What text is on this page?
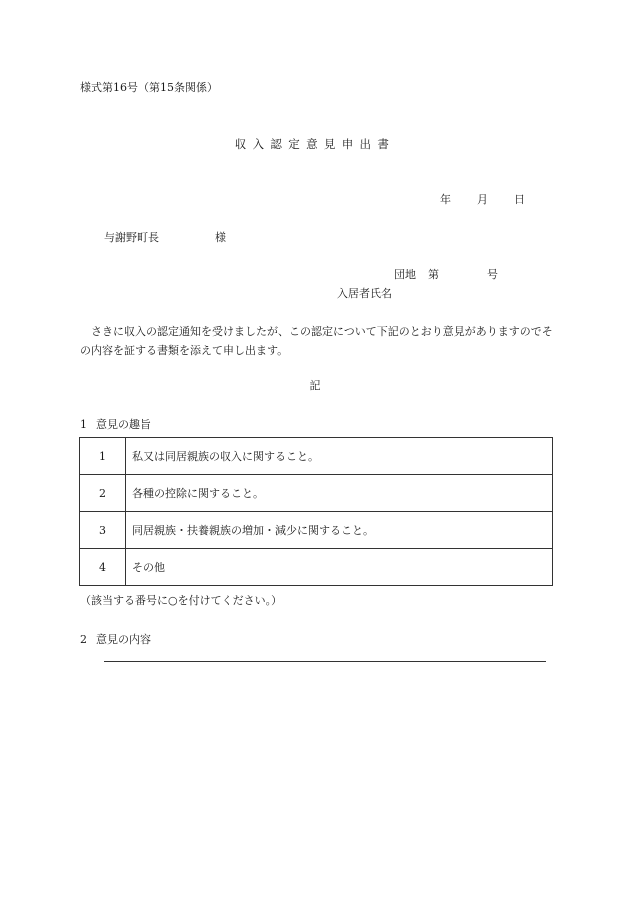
様式第16号（第15条関係）
収入認定意見申出書
年 月 日
与謝野町長	様
団地 第	号
入居者氏名
さきに収入の認定通知を受けましたが、この認定について下記のとおり意見がありますのでその内容を証する書類を添えて申し出ます。
記
1 意見の趣旨
1	私又は同居親族の収入に関すること。
2	各種の控除に関すること。
3	同居親族・扶養親族の増加・減少に関すること。
4	その他
（該当する番号に○を付けてください。）
2 意見の内容
